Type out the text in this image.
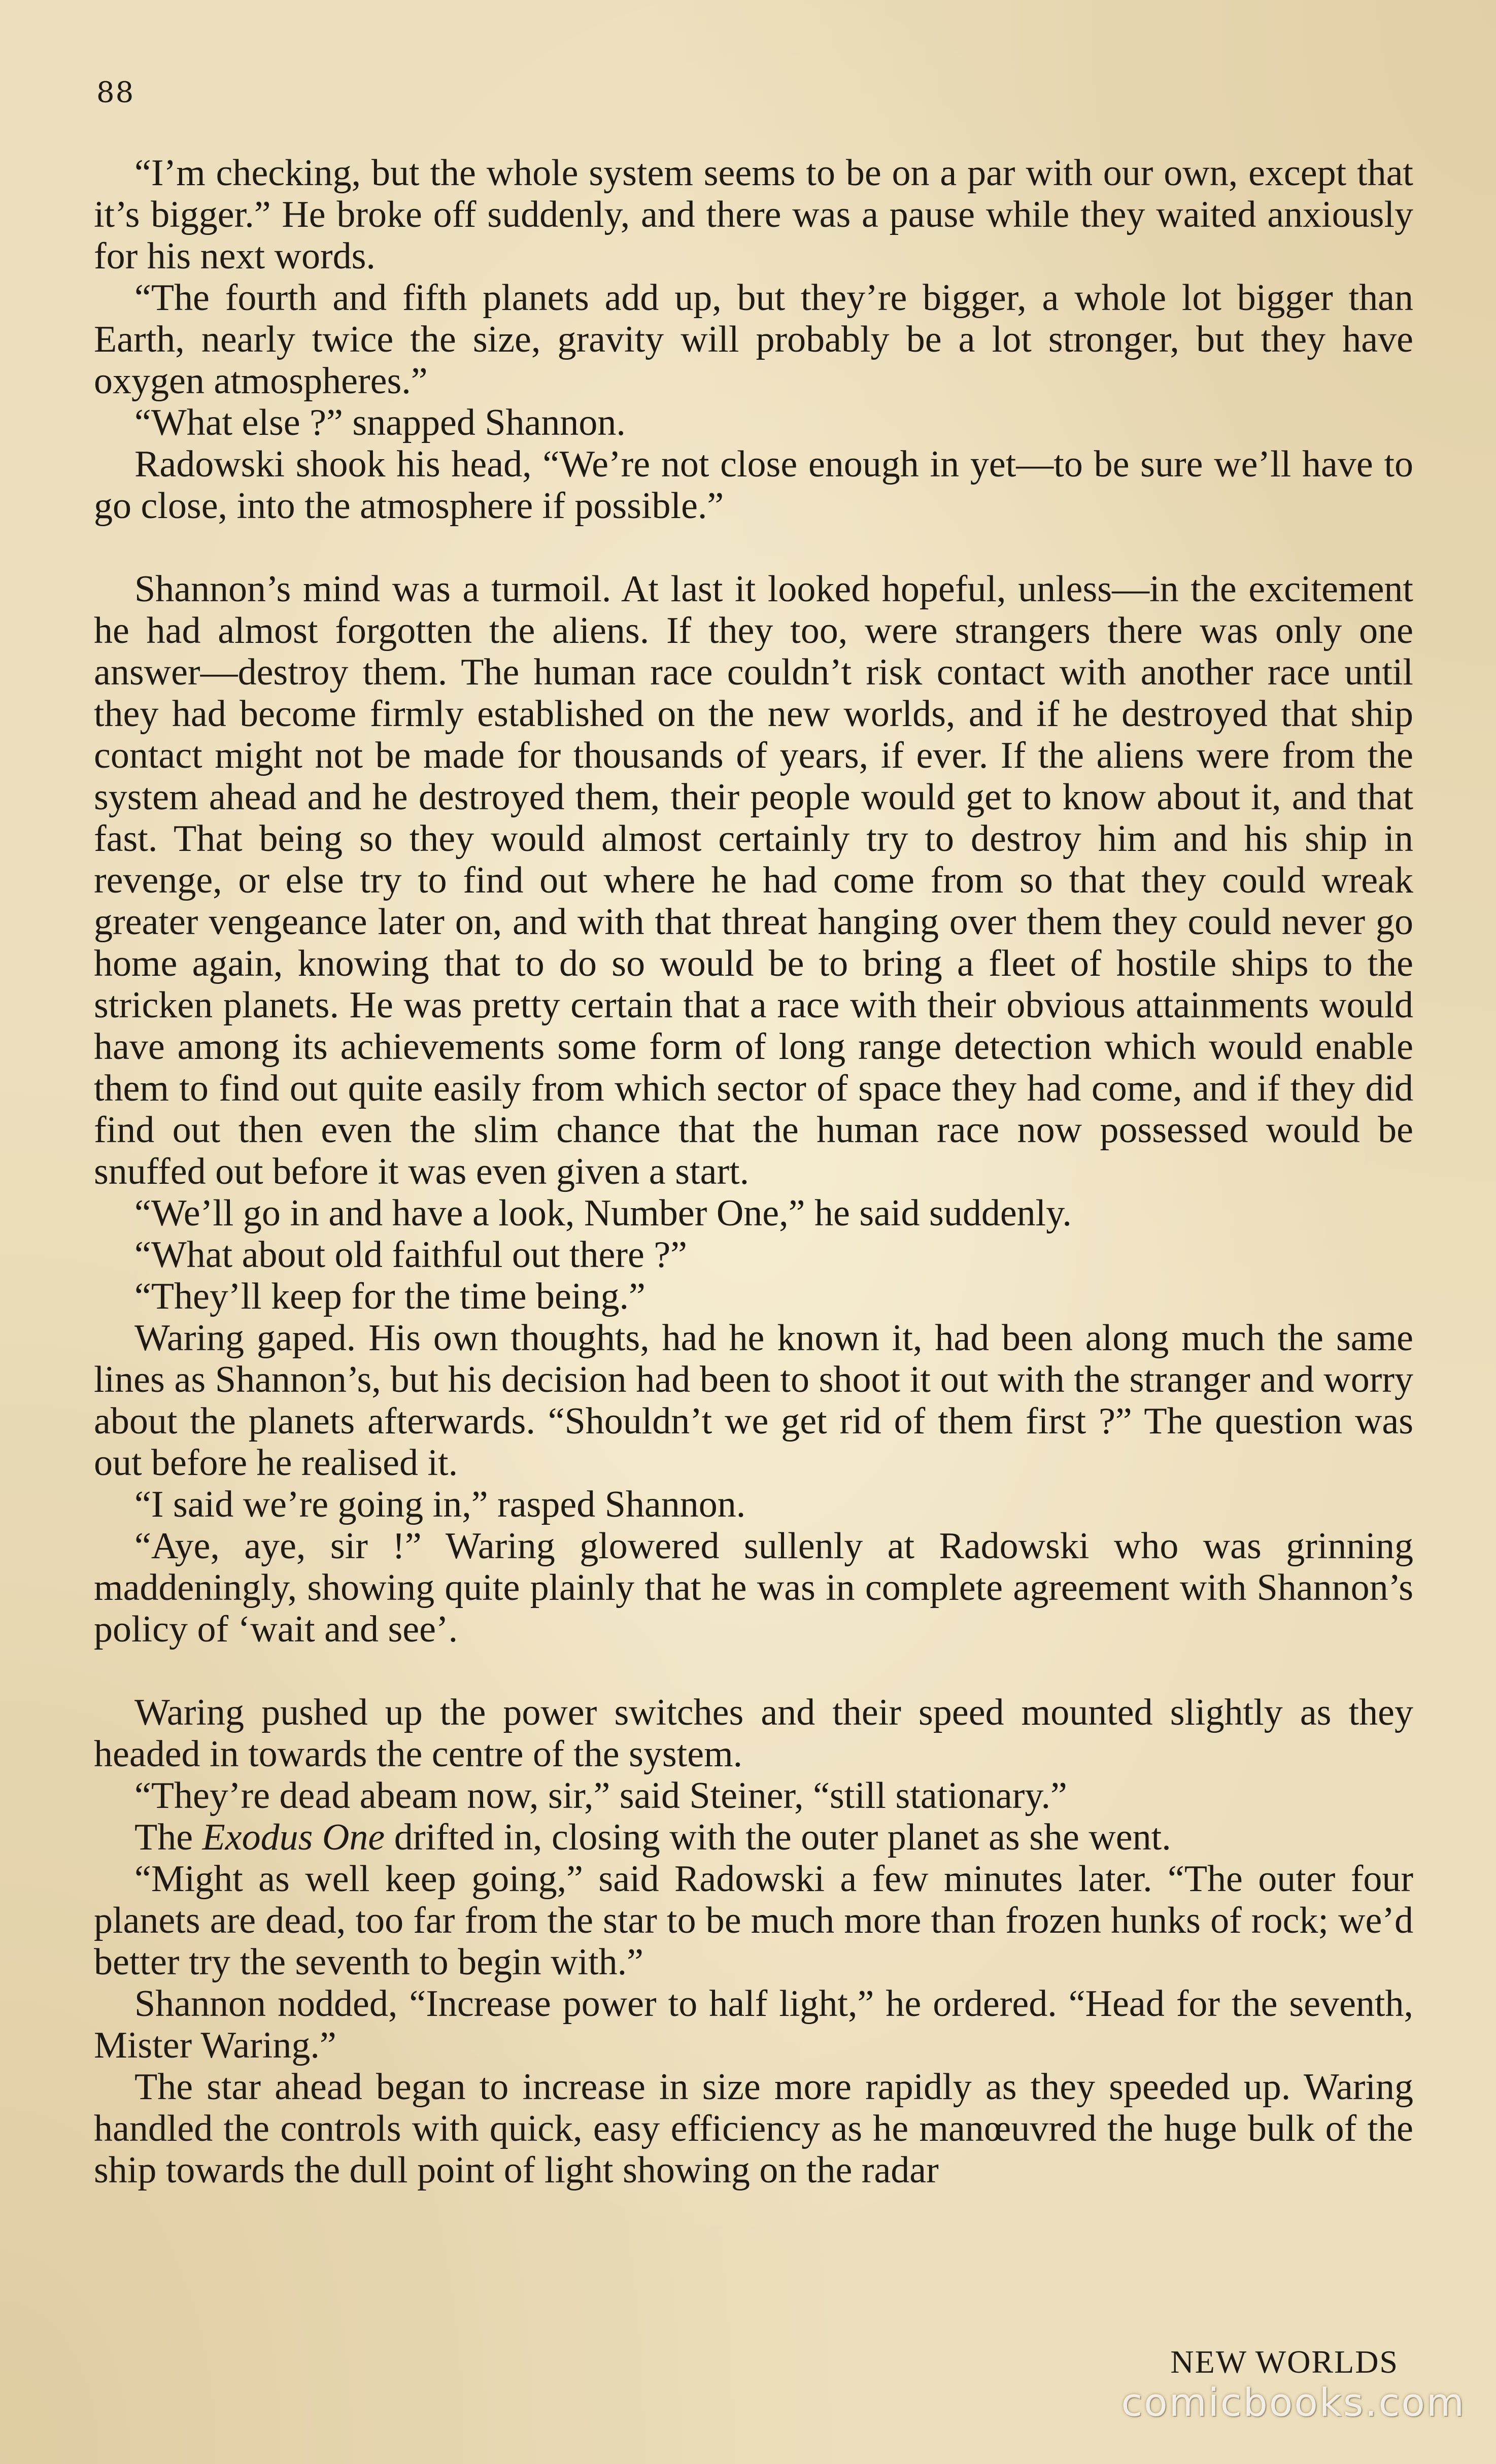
88

“I’m checking, but the whole system seems to be on a par with our own, except that it’s bigger.” He broke off suddenly, and there was a pause while they waited anxiously for his next words.

“The fourth and fifth planets add up, but they’re bigger, a whole lot bigger than Earth, nearly twice the size, gravity will probably be a lot stronger, but they have oxygen atmospheres.”

“What else ?” snapped Shannon.

Radowski shook his head, “We’re not close enough in yet—to be sure we’ll have to go close, into the atmosphere if possible.”

Shannon’s mind was a turmoil. At last it looked hopeful, unless—in the excitement he had almost forgotten the aliens. If they too, were strangers there was only one answer—destroy them. The human race couldn’t risk contact with another race until they had become firmly established on the new worlds, and if he destroyed that ship contact might not be made for thousands of years, if ever. If the aliens were from the system ahead and he destroyed them, their people would get to know about it, and that fast. That being so they would almost certainly try to destroy him and his ship in revenge, or else try to find out where he had come from so that they could wreak greater vengeance later on, and with that threat hanging over them they could never go home again, knowing that to do so would be to bring a fleet of hostile ships to the stricken planets. He was pretty certain that a race with their obvious attainments would have among its achievements some form of long range detection which would enable them to find out quite easily from which sector of space they had come, and if they did find out then even the slim chance that the human race now possessed would be snuffed out before it was even given a start.

“We’ll go in and have a look, Number One,” he said suddenly.

“What about old faithful out there ?”

“They’ll keep for the time being.”

Waring gaped. His own thoughts, had he known it, had been along much the same lines as Shannon’s, but his decision had been to shoot it out with the stranger and worry about the planets afterwards. “Shouldn’t we get rid of them first ?” The question was out before he realised it.

“I said we’re going in,” rasped Shannon.

“Aye, aye, sir !” Waring glowered sullenly at Radowski who was grinning maddeningly, showing quite plainly that he was in complete agreement with Shannon’s policy of ‘wait and see’.

Waring pushed up the power switches and their speed mounted slightly as they headed in towards the centre of the system.

“They’re dead abeam now, sir,” said Steiner, “still stationary.”

The Exodus One drifted in, closing with the outer planet as she went.

“Might as well keep going,” said Radowski a few minutes later. “The outer four planets are dead, too far from the star to be much more than frozen hunks of rock; we’d better try the seventh to begin with.”

Shannon nodded, “Increase power to half light,” he ordered. “Head for the seventh, Mister Waring.”

The star ahead began to increase in size more rapidly as they speeded up. Waring handled the controls with quick, easy efficiency as he manœuvred the huge bulk of the ship towards the dull point of light showing on the radar

NEW WORLDS
comicbooks.com
